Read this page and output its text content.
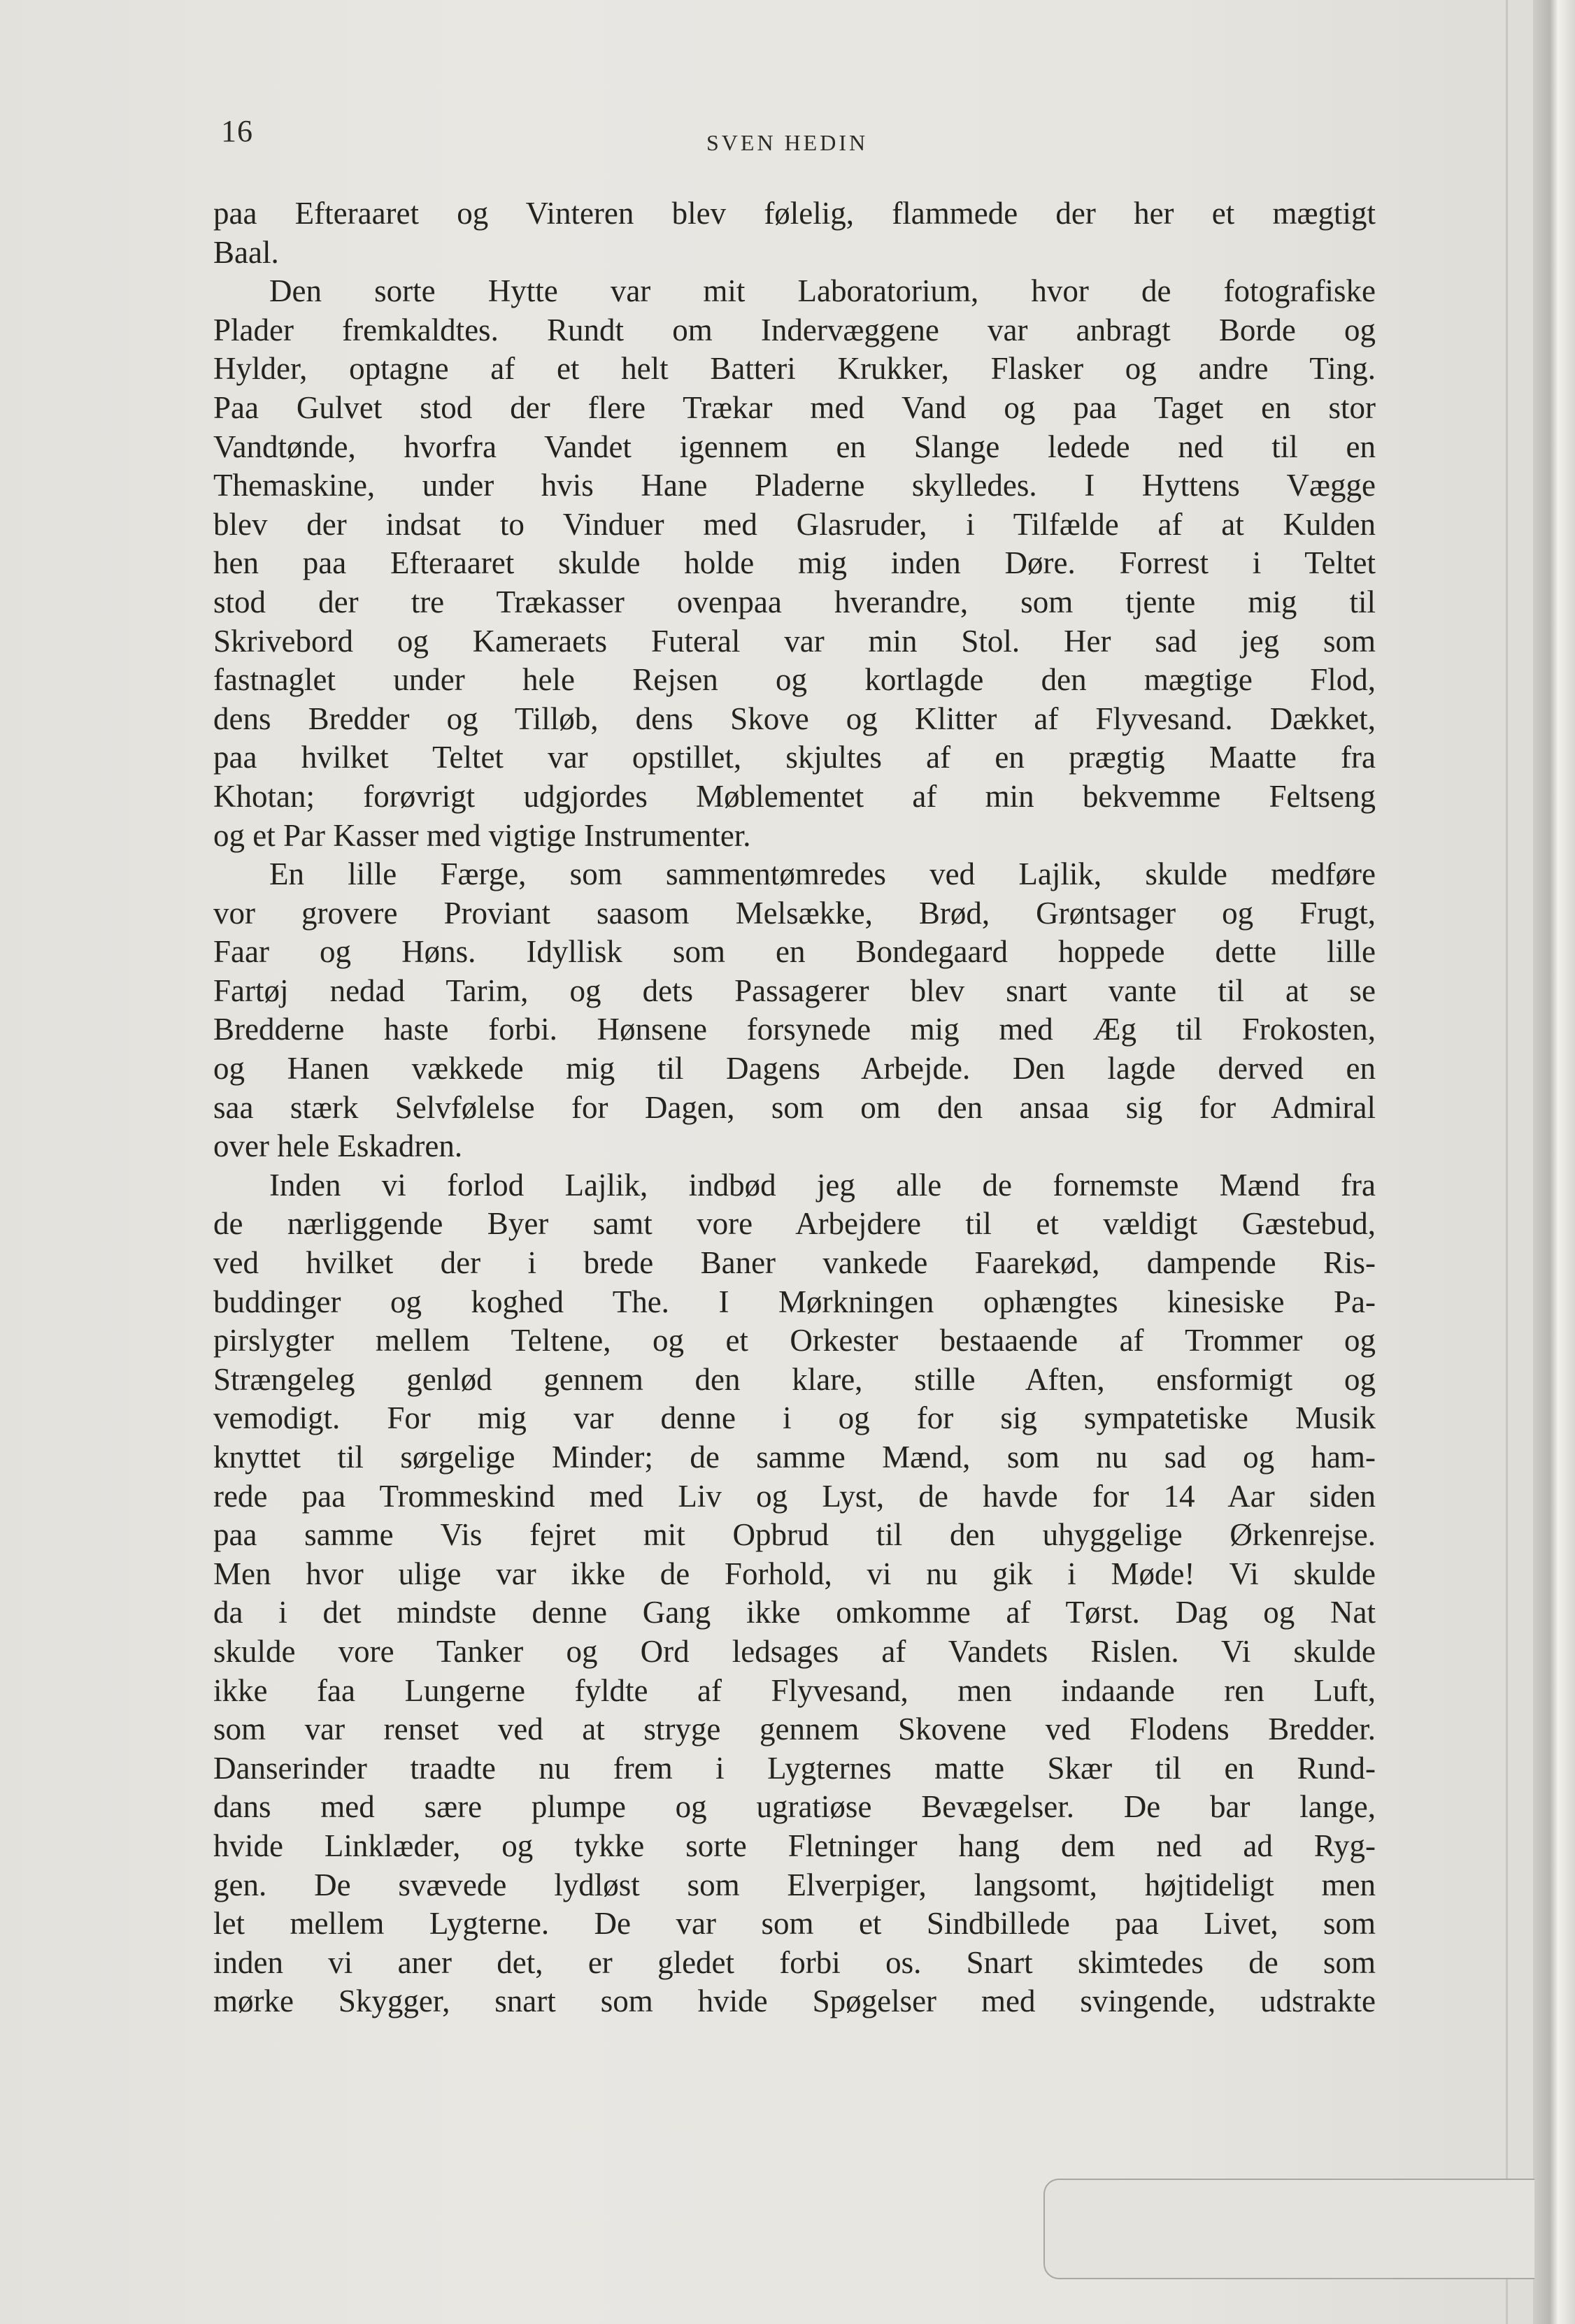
16	SVEN HEDIN
paa Efteraaret og Vinteren blev følelig, flammede der her et mægtigt
Baal.
Den sorte Hytte var mit Laboratorium, hvor de fotografiske
Plader fremkaldtes. Rundt om Indervæggene var anbragt Borde og
Hylder, optagne af et helt Batteri Krukker, Flasker og andre Ting.
Paa Gulvet stod der flere Trækar med Vand og paa Taget en stor
Vandtønde, hvorfra Vandet igennem en Slange ledede ned til en
Themaskine, under hvis Hane Pladerne skylledes. I Hyttens Vægge
blev der indsat to Vinduer med Glasruder, i Tilfælde af at Kulden
hen paa Efteraaret skulde holde mig inden Døre. Forrest i Teltet
stod der tre Trækasser ovenpaa hverandre, som tjente mig til
Skrivebord og Kameraets Futeral var min Stol. Her sad jeg som
fastnaglet under hele Rejsen og kortlagde den mægtige Flod,
dens Bredder og Tilløb, dens Skove og Klitter af Flyvesand. Dækket,
paa hvilket Teltet var opstillet, skjultes af en prægtig Maatte fra
Khotan; forøvrigt udgjordes Møblementet af min bekvemme Feltseng
og et Par Kasser med vigtige Instrumenter.
En lille Færge, som sammentømredes ved Lajlik, skulde medføre
vor grovere Proviant saasom Melsække, Brød, Grøntsager og Frugt,
Faar og Høns. Idyllisk som en Bondegaard hoppede dette lille
Fartøj nedad Tarim, og dets Passagerer blev snart vante til at se
Bredderne haste forbi. Hønsene forsynede mig med Æg til Frokosten,
og Hanen vækkede mig til Dagens Arbejde. Den lagde derved en
saa stærk Selvfølelse for Dagen, som om den ansaa sig for Admiral
over hele Eskadren.
Inden vi forlod Lajlik, indbød jeg alle de fornemste Mænd fra
de nærliggende Byer samt vore Arbejdere til et vældigt Gæstebud,
ved hvilket der i brede Baner vankede Faarekød, dampende Ris-
buddinger og koghed The. I Mørkningen ophængtes kinesiske Pa-
pirslygter mellem Teltene, og et Orkester bestaaende af Trommer og
Strængeleg genlød gennem den klare, stille Aften, ensformigt og
vemodigt. For mig var denne i og for sig sympatetiske Musik
knyttet til sørgelige Minder; de samme Mænd, som nu sad og ham-
rede paa Trommeskind med Liv og Lyst, de havde for 14 Aar siden
paa samme Vis fejret mit Opbrud til den uhyggelige Ørkenrejse.
Men hvor ulige var ikke de Forhold, vi nu gik i Møde! Vi skulde
da i det mindste denne Gang ikke omkomme af Tørst. Dag og Nat
skulde vore Tanker og Ord ledsages af Vandets Rislen. Vi skulde
ikke faa Lungerne fyldte af Flyvesand, men indaande ren Luft,
som var renset ved at stryge gennem Skovene ved Flodens Bredder.
Danserinder traadte nu frem i Lygternes matte Skær til en Rund-
dans med sære plumpe og ugratiøse Bevægelser. De bar lange,
hvide Linklæder, og tykke sorte Fletninger hang dem ned ad Ryg-
gen. De svævede lydløst som Elverpiger, langsomt, højtideligt men
let mellem Lygterne. De var som et Sindbillede paa Livet, som
inden vi aner det, er gledet forbi os. Snart skimtedes de som
mørke Skygger, snart som hvide Spøgelser med svingende, udstrakte
